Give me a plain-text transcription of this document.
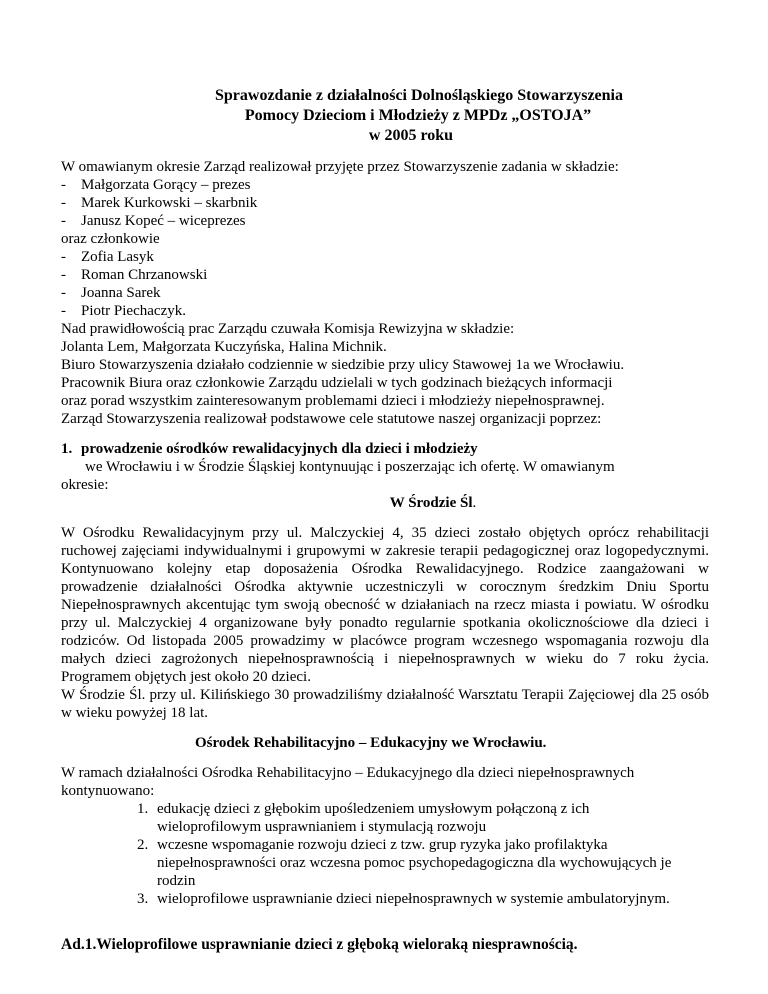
Sprawozdanie z działalności Dolnośląskiego Stowarzyszenia
Pomocy Dzieciom i Młodzieży z MPDz „OSTOJA”
w 2005 roku

W omawianym okresie Zarząd realizował przyjęte przez Stowarzyszenie zadania w składzie:

- Małgorzata Gorący – prezes
- Marek Kurkowski – skarbnik
- Janusz Kopeć – wiceprezes

oraz członkowie

- Zofia Lasyk
- Roman Chrzanowski
- Joanna Sarek
- Piotr Piechaczyk.

Nad prawidłowością prac Zarządu czuwała Komisja Rewizyjna w składzie:

Jolanta Lem, Małgorzata Kuczyńska, Halina Michnik.

Biuro Stowarzyszenia działało codziennie w siedzibie przy ulicy Stawowej 1a we Wrocławiu.

Pracownik Biura oraz członkowie Zarządu udzielali w tych godzinach bieżących informacji

oraz porad wszystkim zainteresowanym problemami dzieci i młodzieży niepełnosprawnej.

Zarząd Stowarzyszenia realizował podstawowe cele statutowe naszej organizacji poprzez:

1. prowadzenie ośrodków rewalidacyjnych dla dzieci i młodzieży

we Wrocławiu i w Środzie Śląskiej kontynuując i poszerzając ich ofertę. W omawianym

okresie:

W Środzie Śl.

W Ośrodku Rewalidacyjnym przy ul. Malczyckiej 4, 35 dzieci zostało objętych oprócz rehabilitacji ruchowej zajęciami indywidualnymi i grupowymi w zakresie terapii pedagogicznej oraz logopedycznymi. Kontynuowano kolejny etap doposażenia Ośrodka Rewalidacyjnego. Rodzice zaangażowani w prowadzenie działalności Ośrodka aktywnie uczestniczyli w corocznym średzkim Dniu Sportu Niepełnosprawnych akcentując tym swoją obecność w działaniach na rzecz miasta i powiatu. W ośrodku przy ul. Malczyckiej 4 organizowane były ponadto regularnie spotkania okolicznościowe dla dzieci i rodziców. Od listopada 2005 prowadzimy w placówce program wczesnego wspomagania rozwoju dla małych dzieci zagrożonych niepełnosprawnością i niepełnosprawnych w wieku do 7 roku życia. Programem objętych jest około 20 dzieci.

W Środzie Śl. przy ul. Kilińskiego 30 prowadziliśmy działalność Warsztatu Terapii Zajęciowej dla 25 osób w wieku powyżej 18 lat.

Ośrodek Rehabilitacyjno – Edukacyjny we Wrocławiu.

W ramach działalności Ośrodka Rehabilitacyjno – Edukacyjnego dla dzieci niepełnosprawnych

kontynuowano:

1. edukację dzieci z głębokim upośledzeniem umysłowym połączoną z ich
wieloprofilowym usprawnianiem i stymulacją rozwoju
2. wczesne wspomaganie rozwoju dzieci z tzw. grup ryzyka jako profilaktyka
niepełnosprawności oraz wczesna pomoc psychopedagogiczna dla wychowujących je
rodzin
3. wieloprofilowe usprawnianie dzieci niepełnosprawnych w systemie ambulatoryjnym.

Ad.1.Wieloprofilowe usprawnianie dzieci z głęboką wieloraką niesprawnością.
